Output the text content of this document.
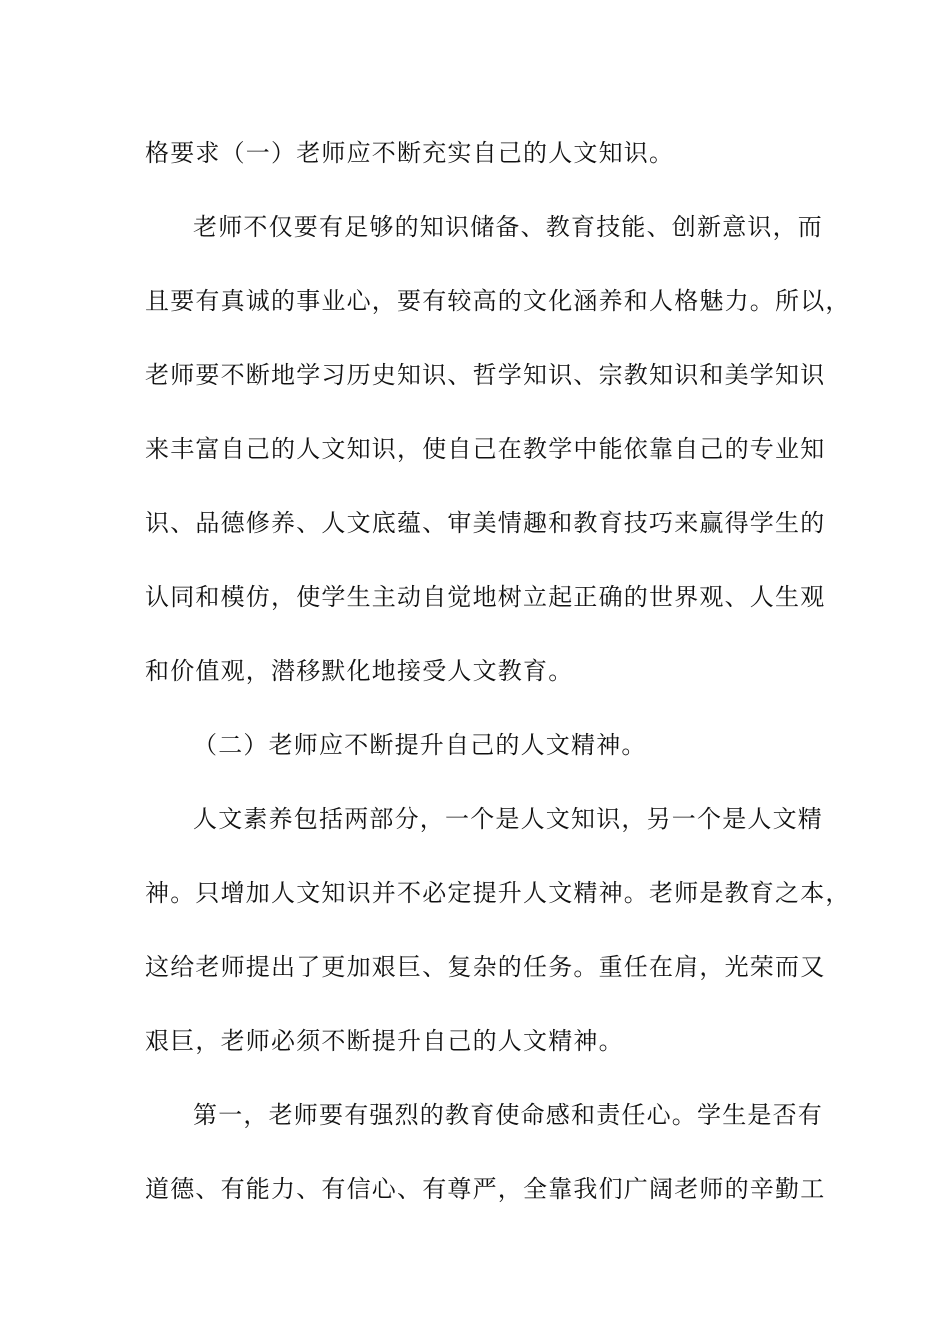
格要求（一）老师应不断充实自己的人文知识。
老师不仅要有足够的知识储备、教育技能、创新意识，而
且要有真诚的事业心，要有较高的文化涵养和人格魅力。所以，
老师要不断地学习历史知识、哲学知识、宗教知识和美学知识
来丰富自己的人文知识，使自己在教学中能依靠自己的专业知
识、品德修养、人文底蕴、审美情趣和教育技巧来赢得学生的
认同和模仿，使学生主动自觉地树立起正确的世界观、人生观
和价值观，潜移默化地接受人文教育。
（二）老师应不断提升自己的人文精神。
人文素养包括两部分，一个是人文知识，另一个是人文精
神。只增加人文知识并不必定提升人文精神。老师是教育之本，
这给老师提出了更加艰巨、复杂的任务。重任在肩，光荣而又
艰巨，老师必须不断提升自己的人文精神。
第一，老师要有强烈的教育使命感和责任心。学生是否有
道德、有能力、有信心、有尊严，全靠我们广阔老师的辛勤工
